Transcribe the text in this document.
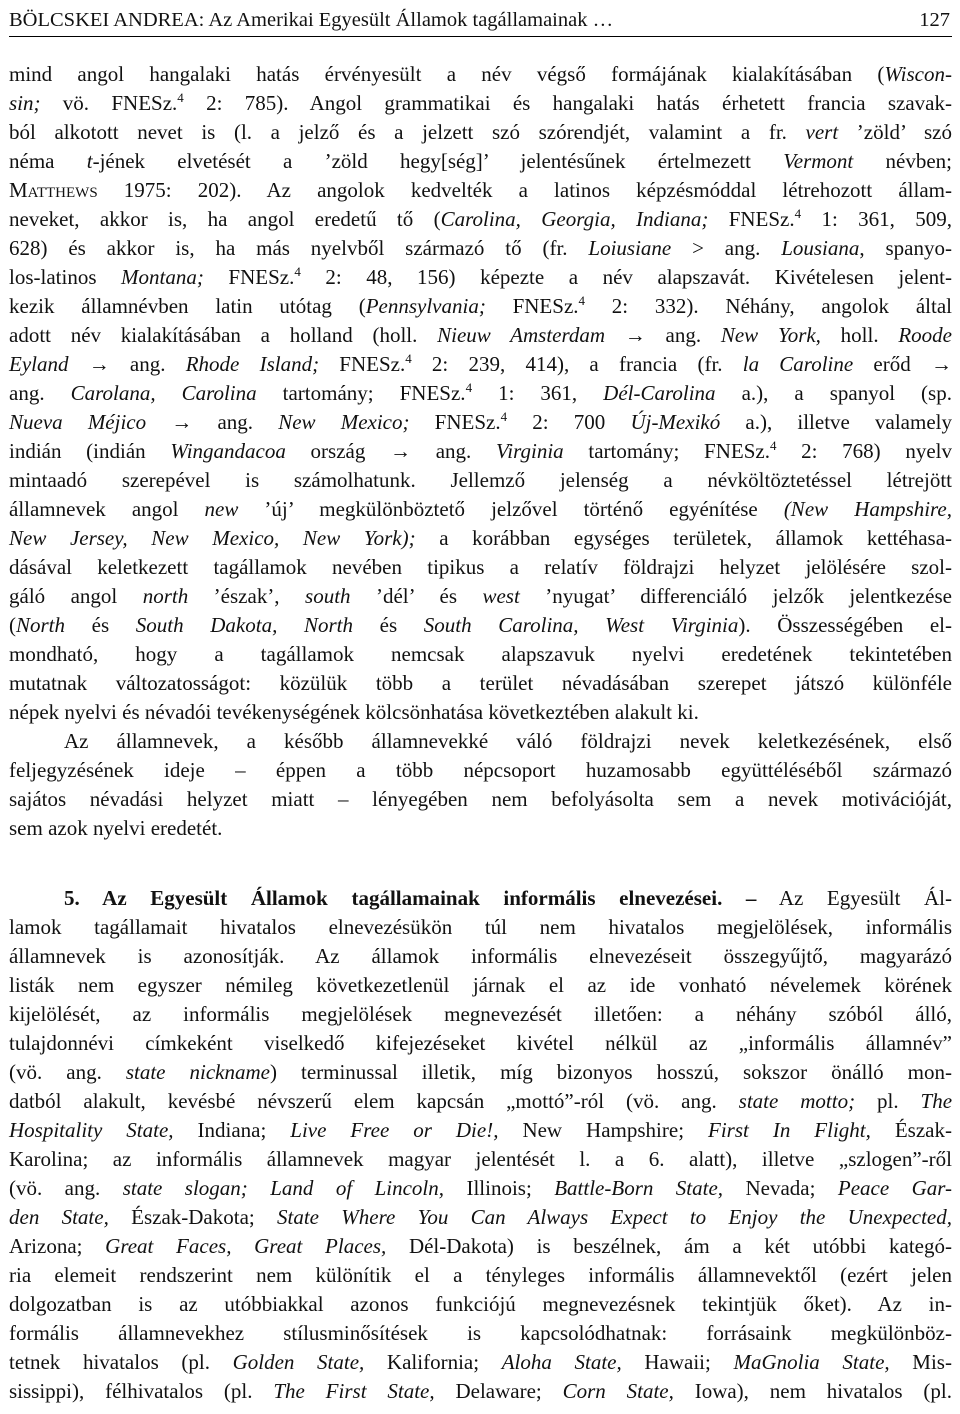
BÖLCSKEI ANDREA: Az Amerikai Egyesült Államok tagállamainak …	127

mind angol hangalaki hatás érvényesült a név végső formájának kialakításában (Wiscon-

sin; vö. FNESz.$^4$ 2: 785). Angol grammatikai és hangalaki hatás érhetett francia szavak-

ból alkotott nevet is (l. a jelző és a jelzett szó szórendjét, valamint a fr. vert ’zöld’ szó

néma t-jének elvetését a ’zöld hegy[ség]’ jelentésűnek értelmezett Vermont névben;

Matthews 1975: 202). Az angolok kedvelték a latinos képzésmóddal létrehozott állam-

neveket, akkor is, ha angol eredetű tő (Carolina, Georgia, Indiana; FNESz.$^4$ 1: 361, 509,

628) és akkor is, ha más nyelvből származó tő (fr. Loiusiane > ang. Lousiana, spanyo-

los-latinos Montana; FNESz.$^4$ 2: 48, 156) képezte a név alapszavát. Kivételesen jelent-

kezik államnévben latin utótag (Pennsylvania; FNESz.$^4$ 2: 332). Néhány, angolok által

adott név kialakításában a holland (holl. Nieuw Amsterdam → ang. New York, holl. Roode

Eyland → ang. Rhode Island; FNESz.$^4$ 2: 239, 414), a francia (fr. la Caroline erőd →

ang. Carolana, Carolina tartomány; FNESz.$^4$ 1: 361, Dél-Carolina a.), a spanyol (sp.

Nueva Méjico → ang. New Mexico; FNESz.$^4$ 2: 700 Új-Mexikó a.), illetve valamely

indián (indián Wingandacoa ország → ang. Virginia tartomány; FNESz.$^4$ 2: 768) nyelv

mintaadó szerepével is számolhatunk. Jellemző jelenség a névköltöztetéssel létrejött

államnevek angol new ’új’ megkülönböztető jelzővel történő egyénítése (New Hampshire,

New Jersey, New Mexico, New York); a korábban egységes területek, államok kettéhasa-

dásával keletkezett tagállamok nevében tipikus a relatív földrajzi helyzet jelölésére szol-

gáló angol north ’észak’, south ’dél’ és west ’nyugat’ differenciáló jelzők jelentkezése

(North és South Dakota, North és South Carolina, West Virginia). Összességében el-

mondható, hogy a tagállamok nemcsak alapszavuk nyelvi eredetének tekintetében

mutatnak változatosságot: közülük több a terület névadásában szerepet játszó különféle

népek nyelvi és névadói tevékenységének kölcsönhatása következtében alakult ki.

Az államnevek, a később államnevekké váló földrajzi nevek keletkezésének, első

feljegyzésének ideje – éppen a több népcsoport huzamosabb együttéléséből származó

sajátos névadási helyzet miatt – lényegében nem befolyásolta sem a nevek motivációját,

sem azok nyelvi eredetét.

5. Az Egyesült Államok tagállamainak informális elnevezései. – Az Egyesült Ál-

lamok tagállamait hivatalos elnevezésükön túl nem hivatalos megjelölések, informális

államnevek is azonosítják. Az államok informális elnevezéseit összegyűjtő, magyarázó

listák nem egyszer némileg következetlenül járnak el az ide vonható névelemek körének

kijelölését, az informális megjelölések megnevezését illetően: a néhány szóból álló,

tulajdonnévi címkeként viselkedő kifejezéseket kivétel nélkül az „informális államnév”

(vö. ang. state nickname) terminussal illetik, míg bizonyos hosszú, sokszor önálló mon-

datból alakult, kevésbé névszerű elem kapcsán „mottó”-ról (vö. ang. state motto; pl. The

Hospitality State, Indiana; Live Free or Die!, New Hampshire; First In Flight, Észak-

Karolina; az informális államnevek magyar jelentését l. a 6. alatt), illetve „szlogen”-ről

(vö. ang. state slogan; Land of Lincoln, Illinois; Battle-Born State, Nevada; Peace Gar-

den State, Észak-Dakota; State Where You Can Always Expect to Enjoy the Unexpected,

Arizona; Great Faces, Great Places, Dél-Dakota) is beszélnek, ám a két utóbbi kategó-

ria elemeit rendszerint nem különítik el a tényleges informális államnevektől (ezért jelen

dolgozatban is az utóbbiakkal azonos funkciójú megnevezésnek tekintjük őket). Az in-

formális államnevekhez stílusminősítések is kapcsolódhatnak: forrásaink megkülönböz-

tetnek hivatalos (pl. Golden State, Kalifornia; Aloha State, Hawaii; MaGnolia State, Mis-

sissippi), félhivatalos (pl. The First State, Delaware; Corn State, Iowa), nem hivatalos (pl.
